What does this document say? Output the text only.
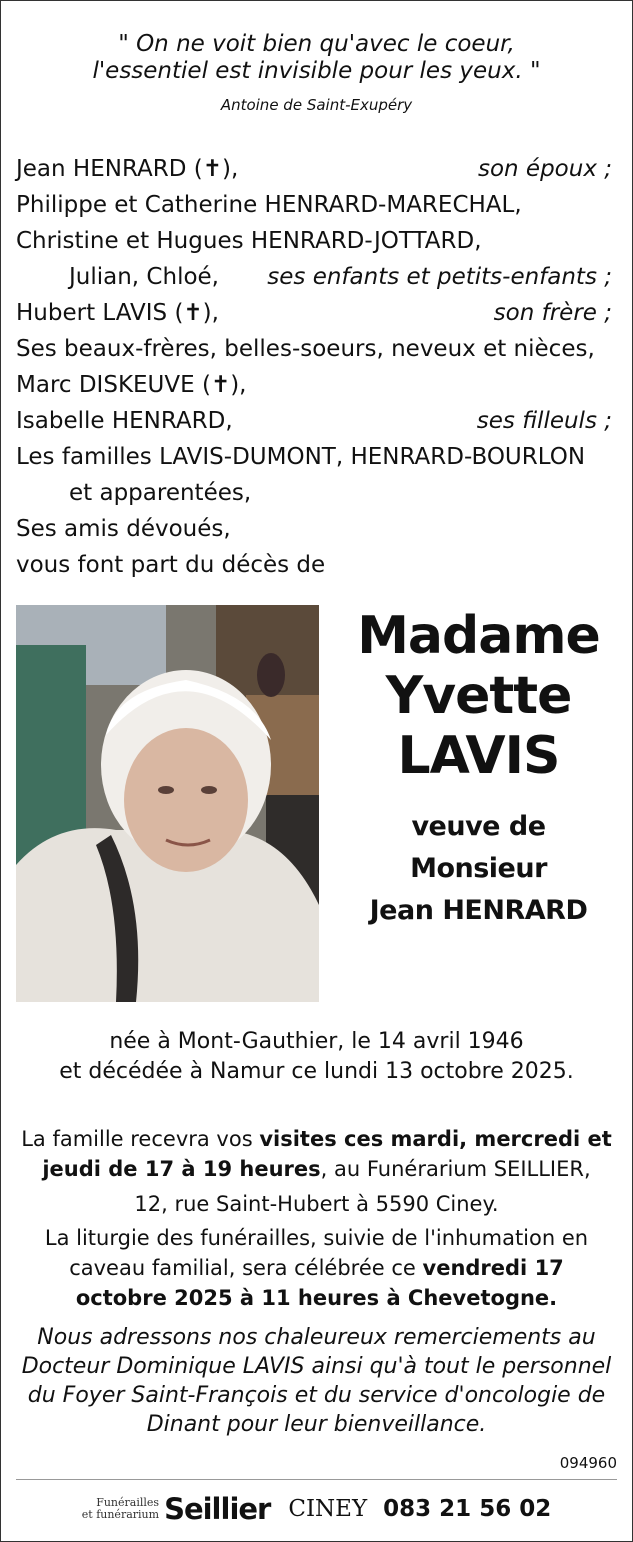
" On ne voit bien qu'avec le coeur,
l'essentiel est invisible pour les yeux. "
Antoine de Saint-Exupéry
Jean HENRARD (✝),	son époux ;
Philippe et Catherine HENRARD-MARECHAL,
Christine et Hugues HENRARD-JOTTARD,
Julian, Chloé, ses enfants et petits-enfants ;
Hubert LAVIS (✝),	son frère ;
Ses beaux-frères, belles-soeurs, neveux et nièces,
Marc DISKEUVE (✝),
Isabelle HENRARD,	ses filleuls ;
Les familles LAVIS-DUMONT, HENRARD-BOURLON
et apparentées,
Ses amis dévoués,
vous font part du décès de
Madame
Yvette
LAVIS
veuve de
Monsieur
Jean HENRARD
née à Mont-Gauthier, le 14 avril 1946
et décédée à Namur ce lundi 13 octobre 2025.

La famille recevra vos visites ces mardi, mercredi et jeudi de 17 à 19 heures, au Funérarium SEILLIER,

12, rue Saint-Hubert à 5590 Ciney.

La liturgie des funérailles, suivie de l'inhumation en caveau familial, sera célébrée ce vendredi 17 octobre 2025 à 11 heures à Chevetogne.

Nous adressons nos chaleureux remerciements au Docteur Dominique LAVIS ainsi qu'à tout le personnel du Foyer Saint-François et du service d'oncologie de Dinant pour leur bienveillance.
094960
Funérailles
et funérarium Seillier CINEY 083 21 56 02
